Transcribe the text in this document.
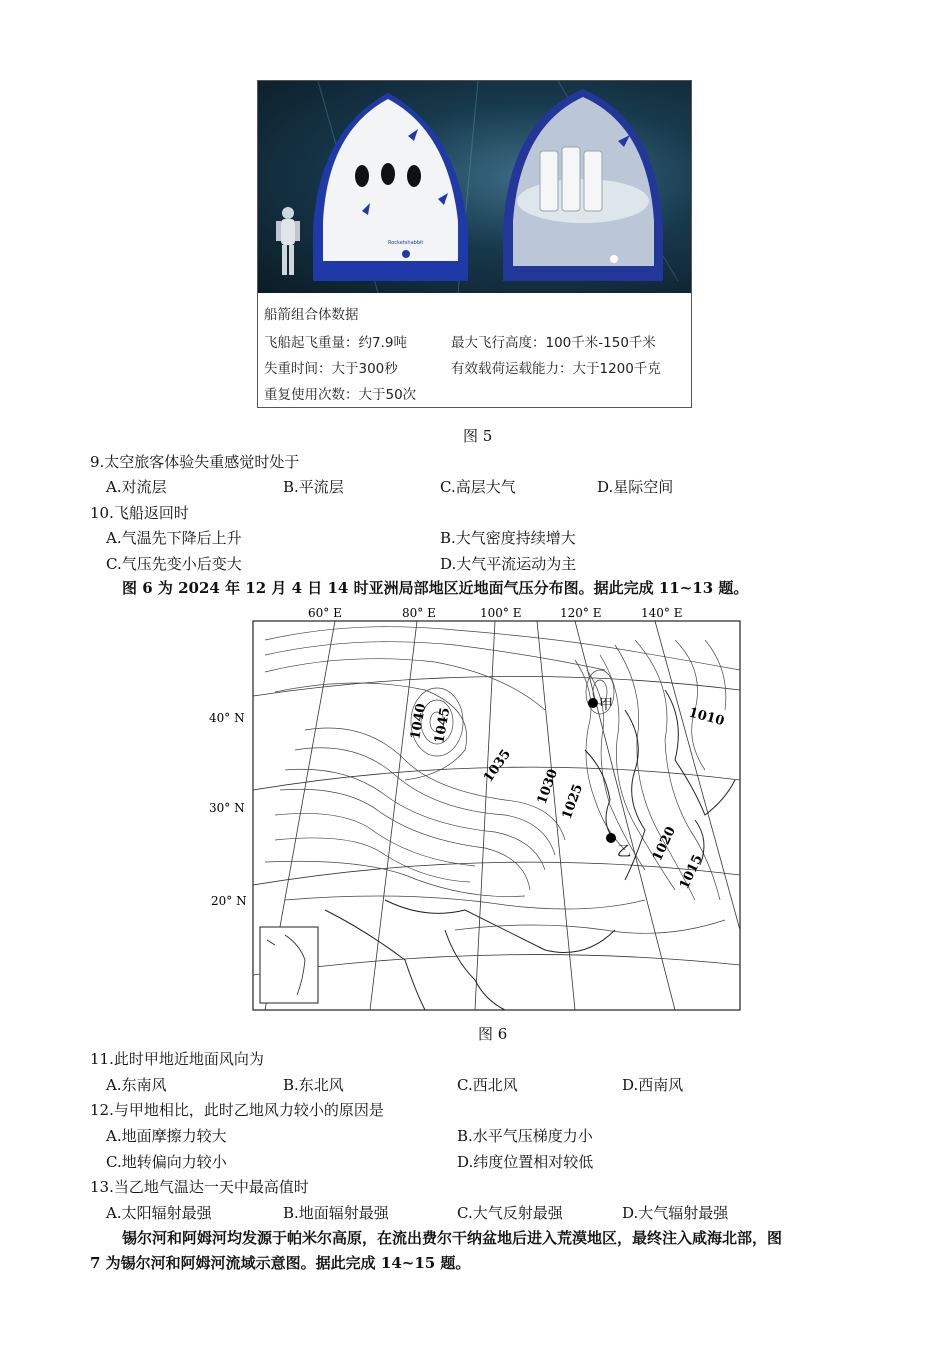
Rocketshabbit
船箭组合体数据
飞船起飞重量：约7.9吨	最大飞行高度：100千米-150千米
失重时间：大于300秒	有效载荷运载能力：大于1200千克
重复使用次数：大于50次
图 5
9.太空旅客体验失重感觉时处于
A.对流层	B.平流层	C.高层大气	D.星际空间
10.飞船返回时
A.气温先下降后上升	B.大气密度持续增大
C.气压先变小后变大	D.大气平流运动为主
图 6 为 2024 年 12 月 4 日 14 时亚洲局部地区近地面气压分布图。据此完成 11~13 题。
60° E	80° E	100° E	120° E	140° E
40° N
30° N
20° N
1040 1045
1035
1030
1025
1020
1015
1010
甲
乙
图 6
11.此时甲地近地面风向为
A.东南风	B.东北风	C.西北风	D.西南风
12.与甲地相比，此时乙地风力较小的原因是
A.地面摩擦力较大	B.水平气压梯度力小
C.地转偏向力较小	D.纬度位置相对较低
13.当乙地气温达一天中最高值时
A.太阳辐射最强	B.地面辐射最强	C.大气反射最强	D.大气辐射最强
锡尔河和阿姆河均发源于帕米尔高原，在流出费尔干纳盆地后进入荒漠地区，最终注入咸海北部，图
7 为锡尔河和阿姆河流域示意图。据此完成 14~15 题。
